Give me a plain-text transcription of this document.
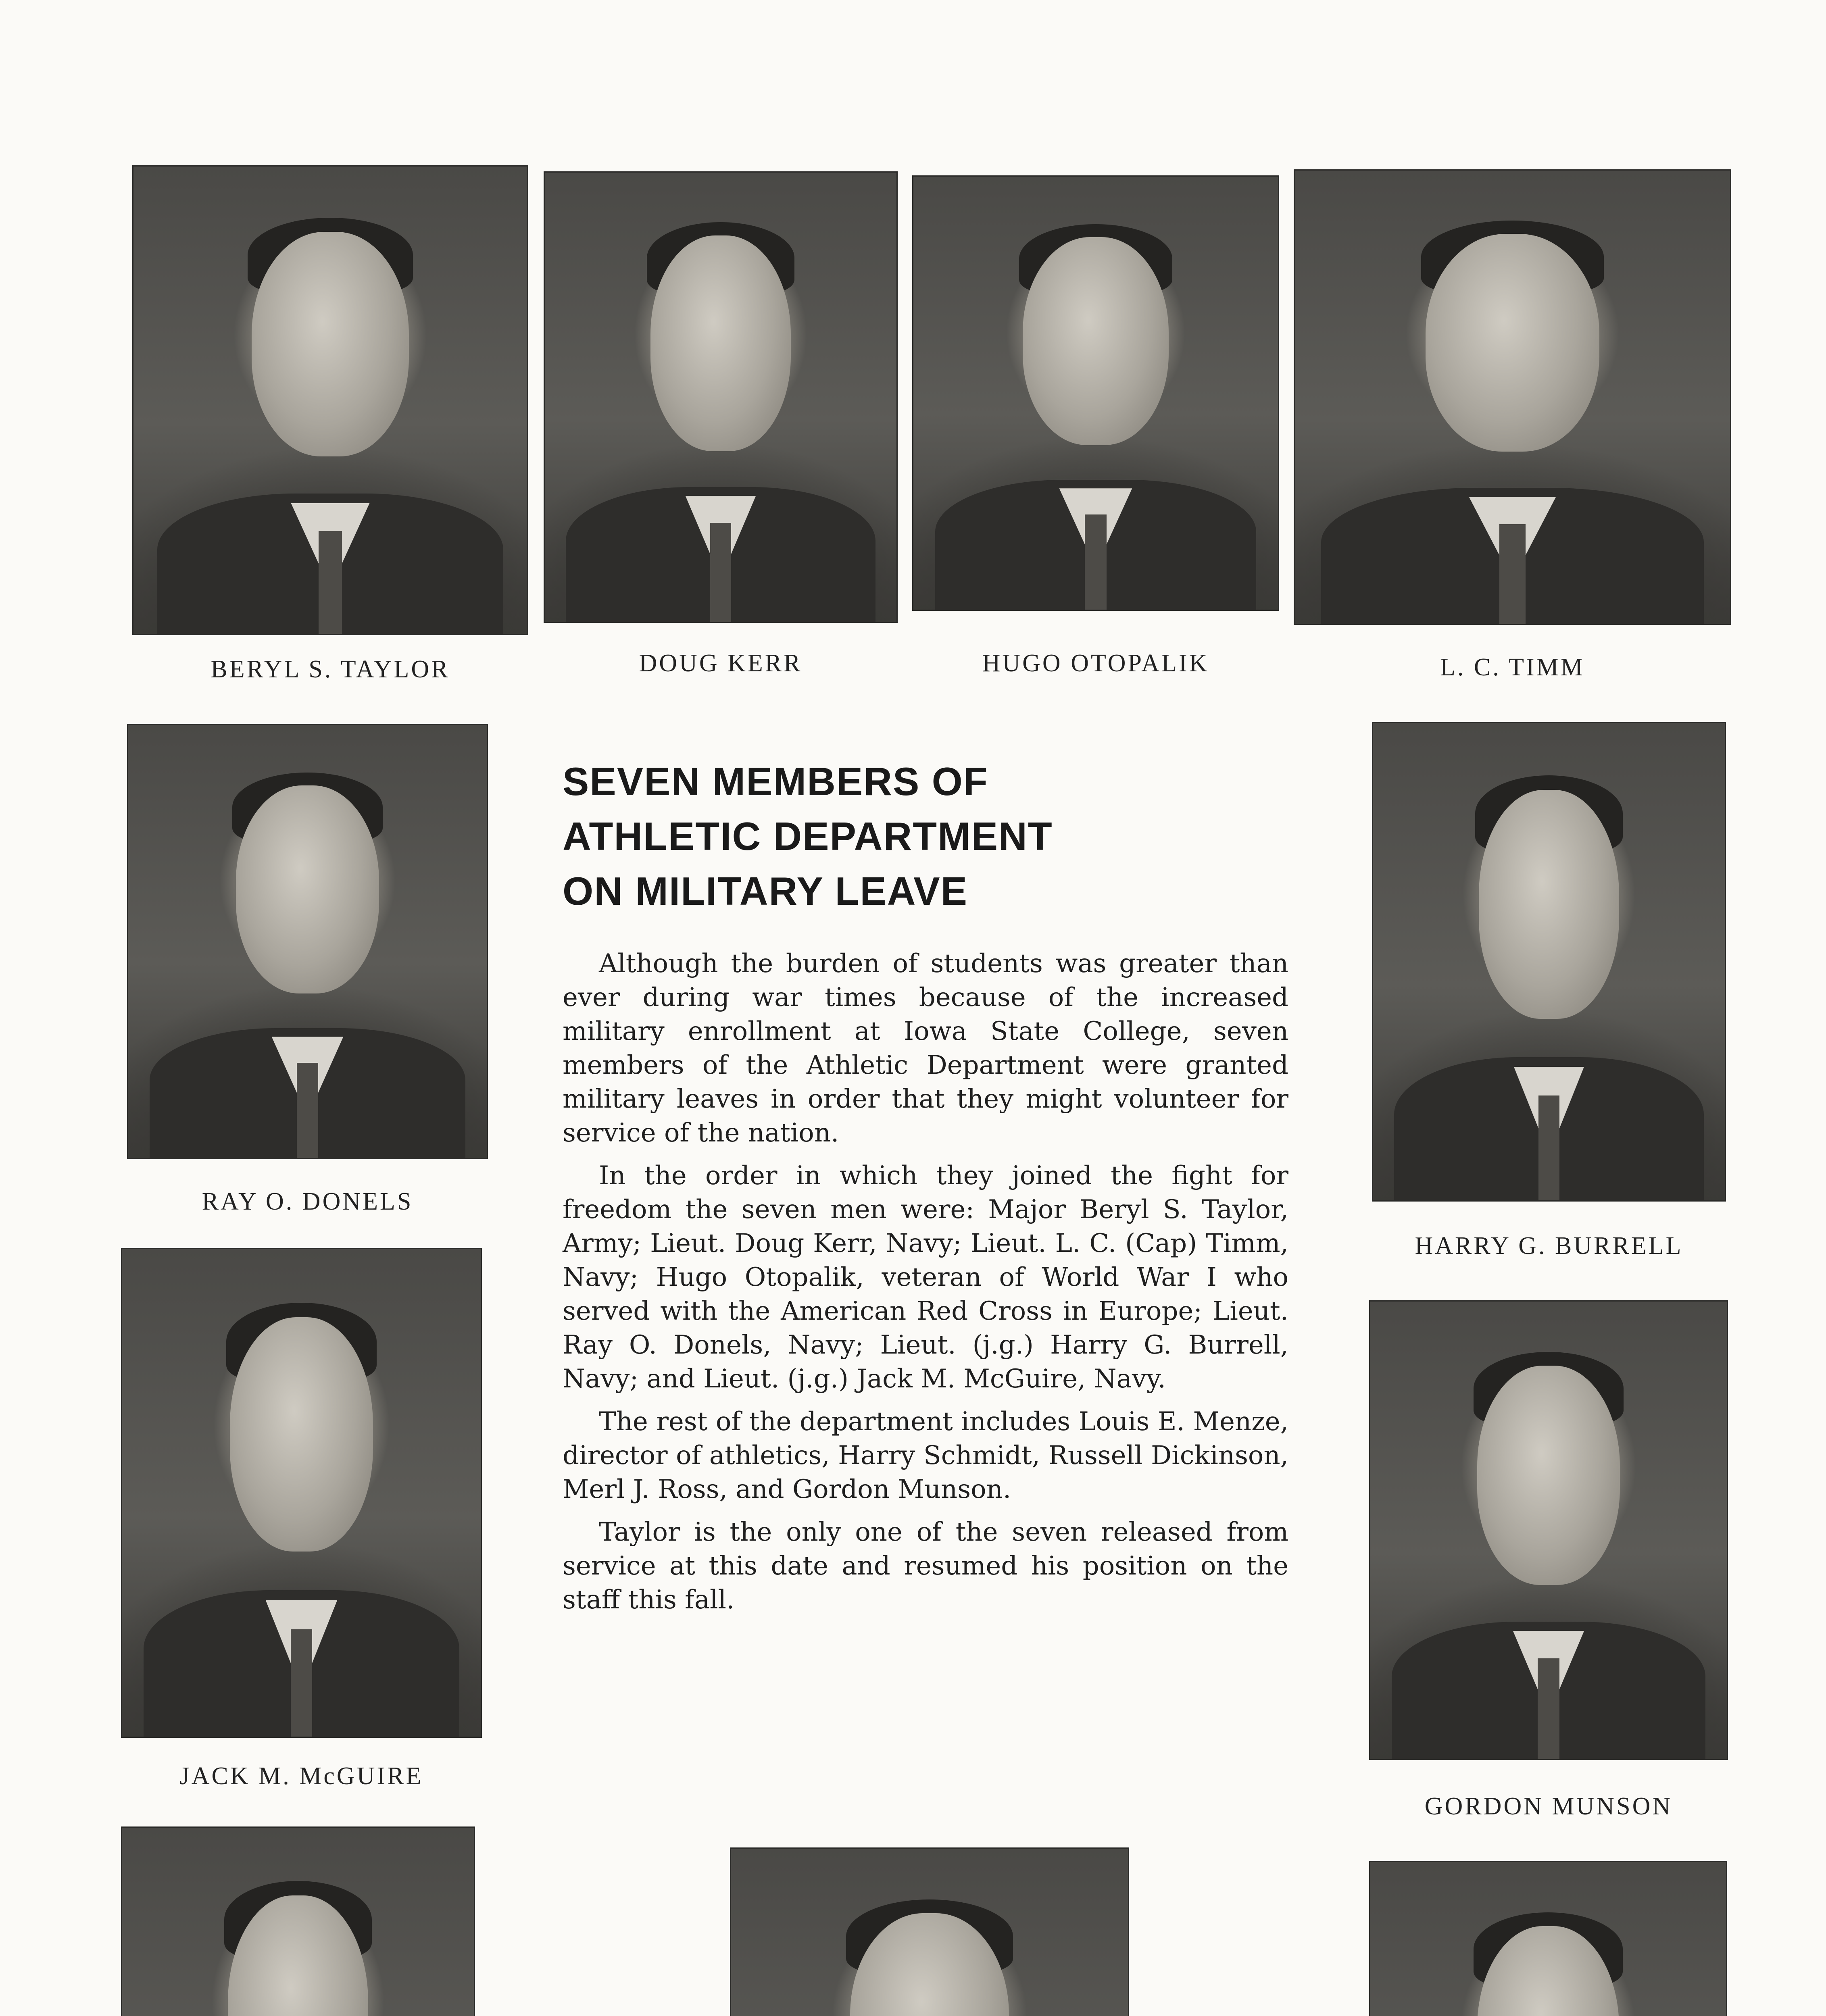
BERYL S. TAYLOR	DOUG KERR	HUGO OTOPALIK	L. C. TIMM
RAY O. DONELS
JACK M. McGUIRE
HARRY G. BURRELL
GORDON MUNSON
SEVEN MEMBERS OF
ATHLETIC DEPARTMENT
ON MILITARY LEAVE

Although the burden of students was greater than ever during war times because of the increased military enrollment at Iowa State College, seven members of the Athletic Department were granted military leaves in order that they might volunteer for service of the nation.

In the order in which they joined the fight for freedom the seven men were: Major Beryl S. Taylor, Army; Lieut. Doug Kerr, Navy; Lieut. L. C. (Cap) Timm, Navy; Hugo Otopalik, veteran of World War I who served with the American Red Cross in Europe; Lieut. Ray O. Donels, Navy; Lieut. (j.g.) Harry G. Burrell, Navy; and Lieut. (j.g.) Jack M. McGuire, Navy.

The rest of the department includes Louis E. Menze, director of athletics, Harry Schmidt, Russell Dickinson, Merl J. Ross, and Gordon Munson.

Taylor is the only one of the seven released from service at this date and resumed his position on the staff this fall.
